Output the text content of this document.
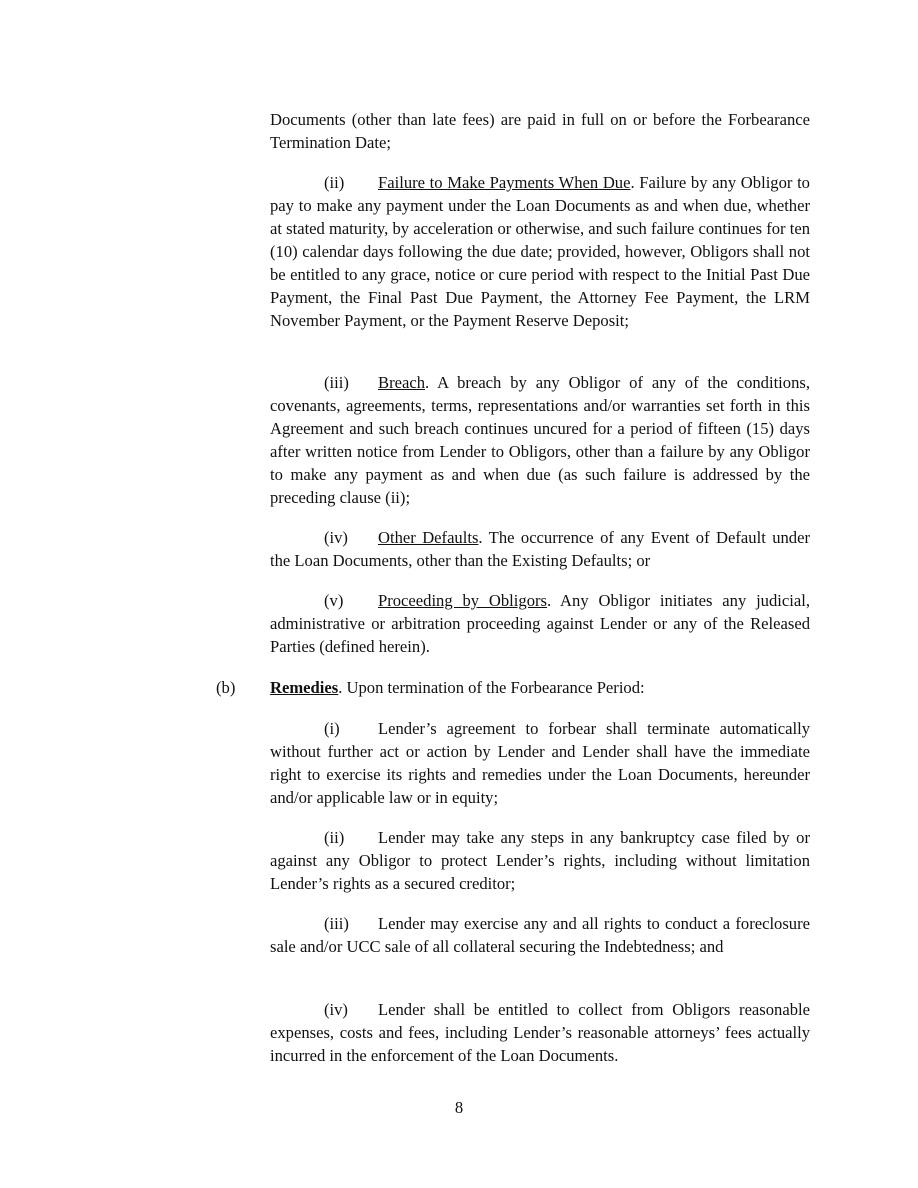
Documents (other than late fees) are paid in full on or before the Forbearance Termination Date;
(ii) Failure to Make Payments When Due. Failure by any Obligor to pay to make any payment under the Loan Documents as and when due, whether at stated maturity, by acceleration or otherwise, and such failure continues for ten (10) calendar days following the due date; provided, however, Obligors shall not be entitled to any grace, notice or cure period with respect to the Initial Past Due Payment, the Final Past Due Payment, the Attorney Fee Payment, the LRM November Payment, or the Payment Reserve Deposit;
(iii) Breach. A breach by any Obligor of any of the conditions, covenants, agreements, terms, representations and/or warranties set forth in this Agreement and such breach continues uncured for a period of fifteen (15) days after written notice from Lender to Obligors, other than a failure by any Obligor to make any payment as and when due (as such failure is addressed by the preceding clause (ii);
(iv) Other Defaults. The occurrence of any Event of Default under the Loan Documents, other than the Existing Defaults; or
(v) Proceeding by Obligors. Any Obligor initiates any judicial, administrative or arbitration proceeding against Lender or any of the Released Parties (defined herein).
(b) Remedies. Upon termination of the Forbearance Period:
(i) Lender’s agreement to forbear shall terminate automatically without further act or action by Lender and Lender shall have the immediate right to exercise its rights and remedies under the Loan Documents, hereunder and/or applicable law or in equity;
(ii) Lender may take any steps in any bankruptcy case filed by or against any Obligor to protect Lender’s rights, including without limitation Lender’s rights as a secured creditor;
(iii) Lender may exercise any and all rights to conduct a foreclosure sale and/or UCC sale of all collateral securing the Indebtedness; and
(iv) Lender shall be entitled to collect from Obligors reasonable expenses, costs and fees, including Lender’s reasonable attorneys’ fees actually incurred in the enforcement of the Loan Documents.
8
